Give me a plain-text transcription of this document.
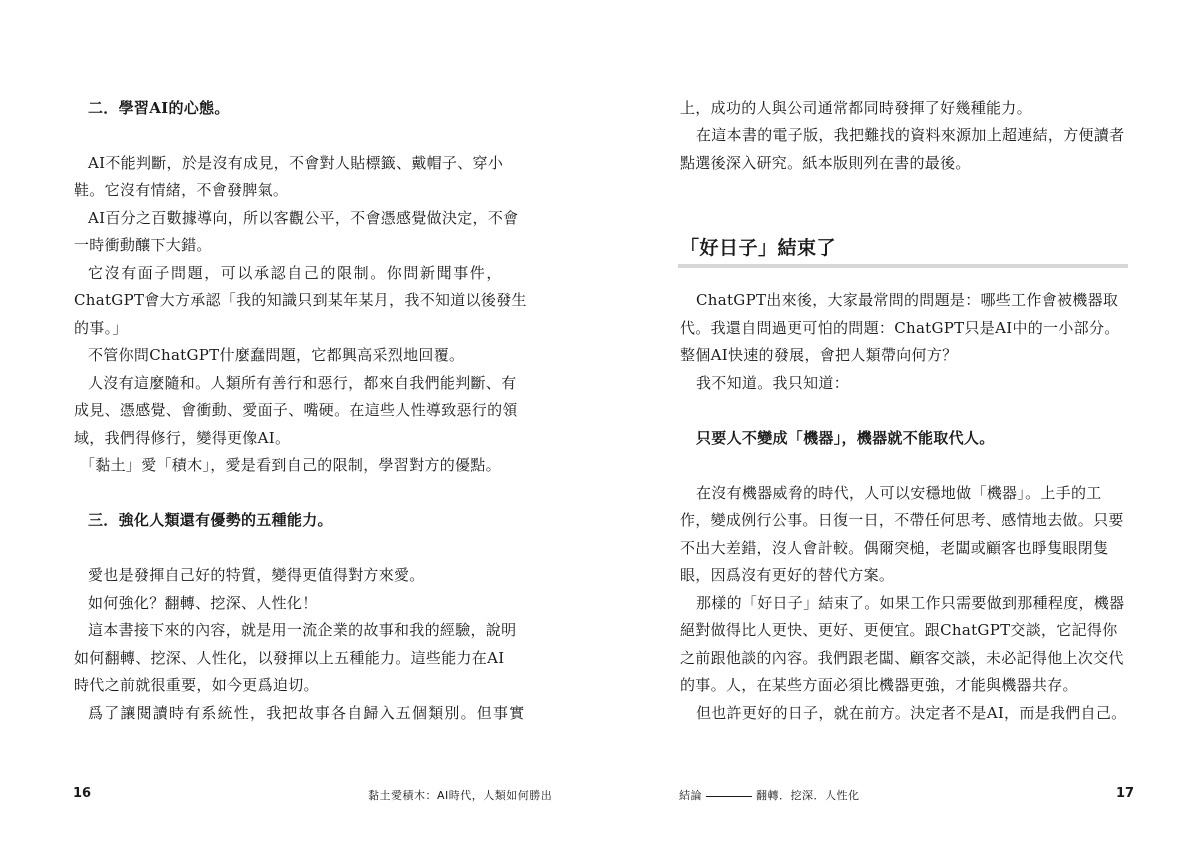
二．學習AI的心態。
AI不能判斷，於是沒有成見，不會對人貼標籤、戴帽子、穿小
鞋。它沒有情緒，不會發脾氣。
AI百分之百數據導向，所以客觀公平，不會憑感覺做決定，不會
一時衝動釀下大錯。
它沒有面子問題，可以承認自己的限制。你問新聞事件，
ChatGPT會大方承認「我的知識只到某年某月，我不知道以後發生
的事。」
不管你問ChatGPT什麼蠢問題，它都興高采烈地回覆。
人沒有這麼隨和。人類所有善行和惡行，都來自我們能判斷、有
成見、憑感覺、會衝動、愛面子、嘴硬。在這些人性導致惡行的領
域，我們得修行，變得更像AI。
「黏土」愛「積木」，愛是看到自己的限制，學習對方的優點。
三．強化人類還有優勢的五種能力。
愛也是發揮自己好的特質，變得更值得對方來愛。
如何強化？翻轉、挖深、人性化！
這本書接下來的內容，就是用一流企業的故事和我的經驗，說明
如何翻轉、挖深、人性化，以發揮以上五種能力。這些能力在AI
時代之前就很重要，如今更爲迫切。
爲了讓閱讀時有系統性，我把故事各自歸入五個類別。但事實
16	黏土愛積木：AI時代，人類如何勝出
上，成功的人與公司通常都同時發揮了好幾種能力。
在這本書的電子版，我把難找的資料來源加上超連結，方便讀者
點選後深入研究。紙本版則列在書的最後。
「好日子」結束了
ChatGPT出來後，大家最常問的問題是：哪些工作會被機器取
代。我還自問過更可怕的問題：ChatGPT只是AI中的一小部分。
整個AI快速的發展，會把人類帶向何方？
我不知道。我只知道：
只要人不變成「機器」，機器就不能取代人。
在沒有機器威脅的時代，人可以安穩地做「機器」。上手的工
作，變成例行公事。日復一日，不帶任何思考、感情地去做。只要
不出大差錯，沒人會計較。偶爾突槌，老闆或顧客也睜隻眼閉隻
眼，因爲沒有更好的替代方案。
那樣的「好日子」結束了。如果工作只需要做到那種程度，機器
絕對做得比人更快、更好、更便宜。跟ChatGPT交談，它記得你
之前跟他談的內容。我們跟老闆、顧客交談，未必記得他上次交代
的事。人，在某些方面必須比機器更強，才能與機器共存。
但也許更好的日子，就在前方。決定者不是AI，而是我們自己。
結論	翻轉．挖深．人性化	17
